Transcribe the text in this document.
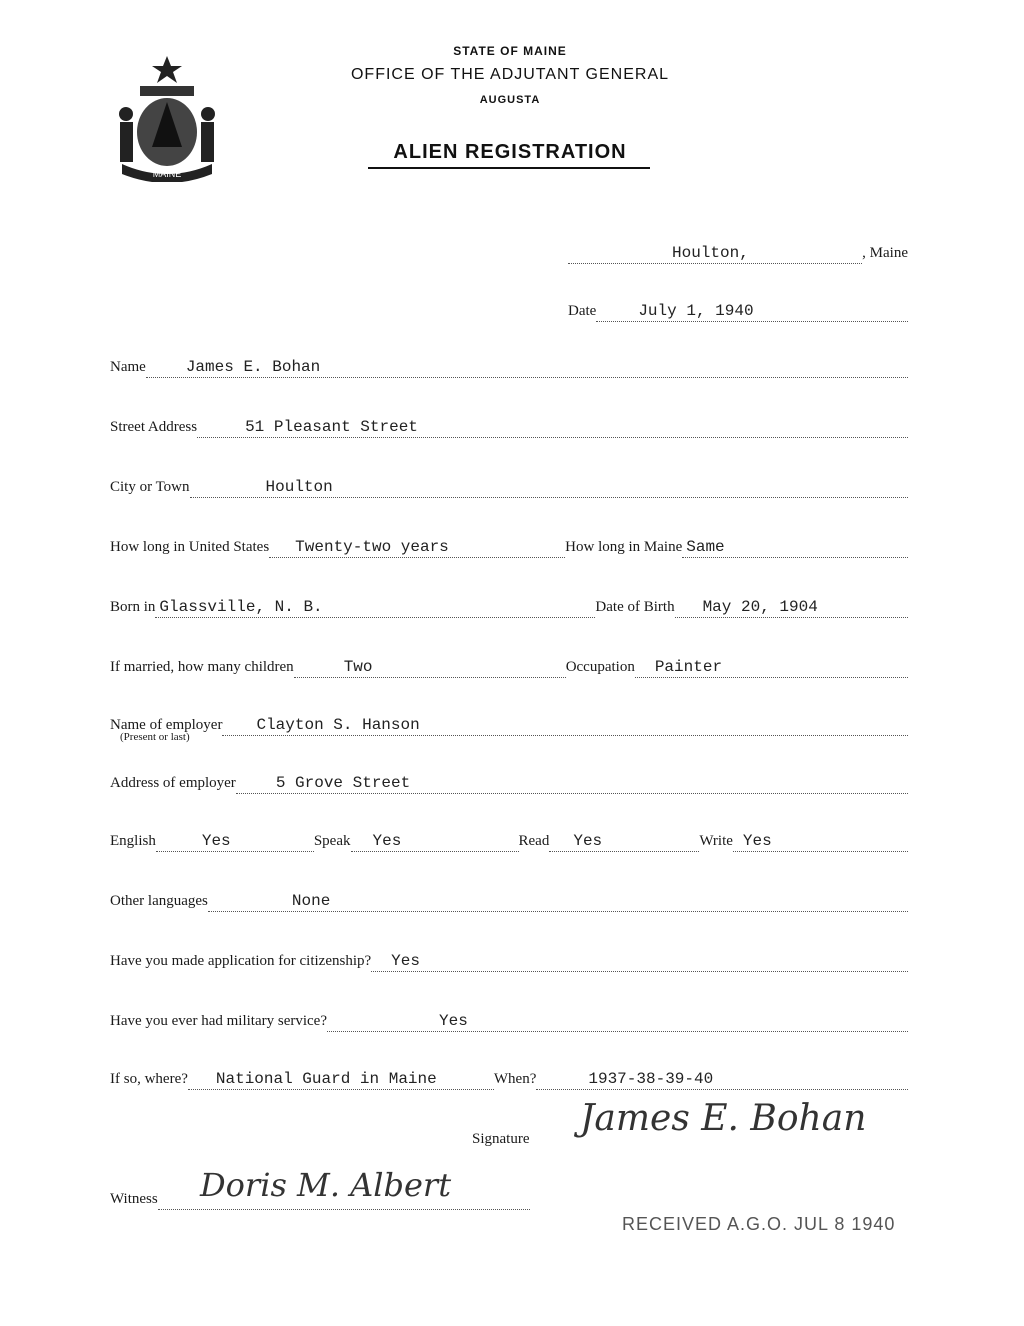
MAINE
STATE OF MAINE
OFFICE OF THE ADJUTANT GENERAL
AUGUSTA
ALIEN REGISTRATION
Houlton,	, Maine
Date	July 1, 1940
Name	James E. Bohan
Street Address	51 Pleasant Street
City or Town	Houlton
How long in United States Twenty-two years	How long in Maine Same
Born in Glassville, N. B.	Date of Birth May 20, 1904
If married, how many children	Two	Occupation Painter
Name of employer Clayton S. Hanson
(Present or last)
Address of employer	5 Grove Street
English	Yes	Speak Yes	Read Yes	Write Yes
Other languages	None
Have you made application for citizenship? Yes
Have you ever had military service?	Yes
If so, where? National Guard in Maine	When?	1937-38-39-40
Signature James E. Bohan
Witness Doris M. Albert
RECEIVED A.G.O. JUL 8 1940
